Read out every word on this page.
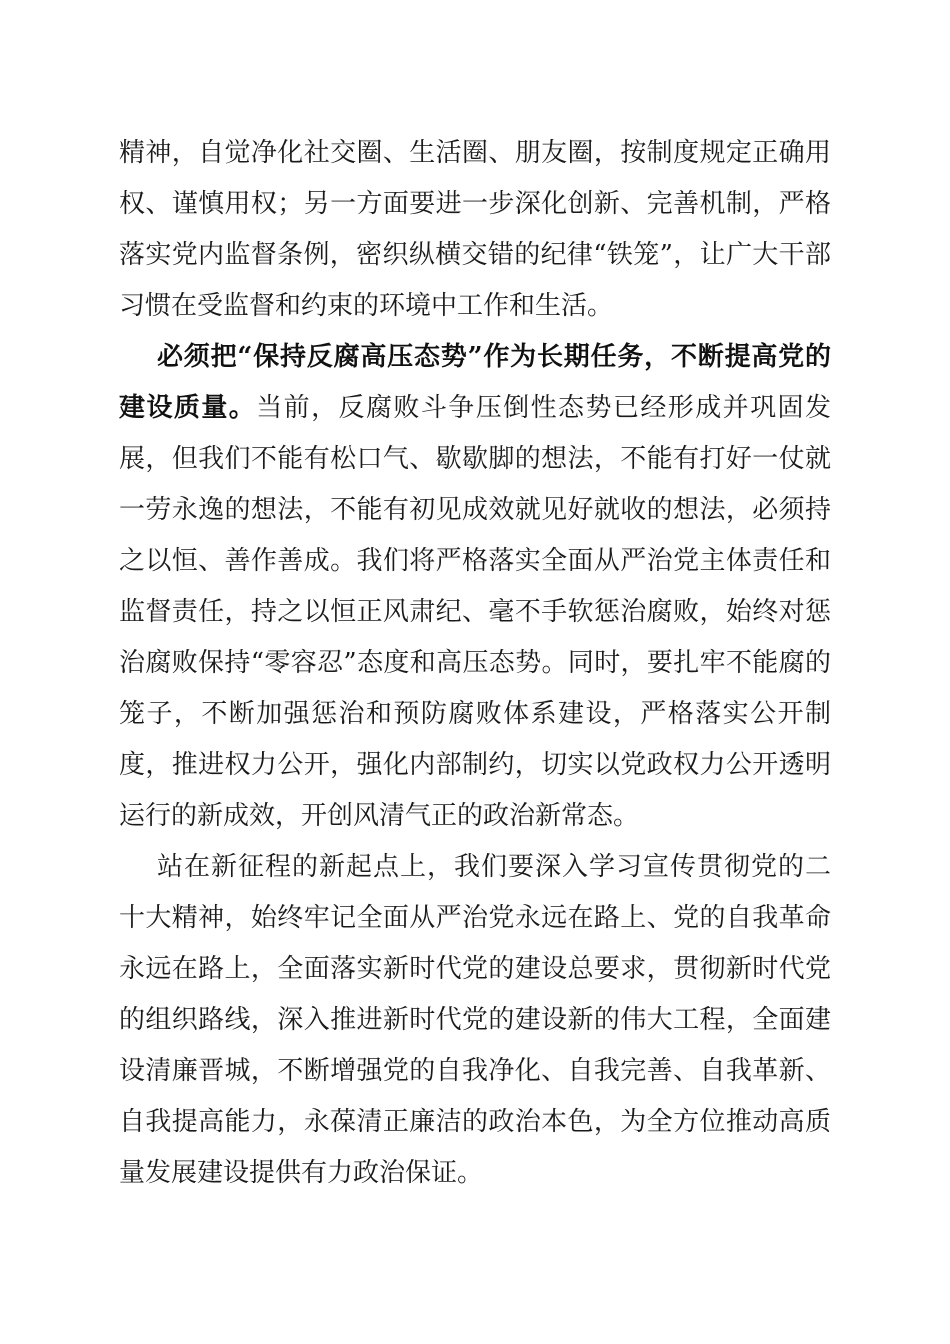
精神，自觉净化社交圈、生活圈、朋友圈，按制度规定正确用权、谨慎用权；另一方面要进一步深化创新、完善机制，严格落实党内监督条例，密织纵横交错的纪律“铁笼”，让广大干部习惯在受监督和约束的环境中工作和生活。

必须把“保持反腐高压态势”作为长期任务，不断提高党的建设质量。当前，反腐败斗争压倒性态势已经形成并巩固发展，但我们不能有松口气、歇歇脚的想法，不能有打好一仗就一劳永逸的想法，不能有初见成效就见好就收的想法，必须持之以恒、善作善成。我们将严格落实全面从严治党主体责任和监督责任，持之以恒正风肃纪、毫不手软惩治腐败，始终对惩治腐败保持“零容忍”态度和高压态势。同时，要扎牢不能腐的笼子，不断加强惩治和预防腐败体系建设，严格落实公开制度，推进权力公开，强化内部制约，切实以党政权力公开透明运行的新成效，开创风清气正的政治新常态。

站在新征程的新起点上，我们要深入学习宣传贯彻党的二十大精神，始终牢记全面从严治党永远在路上、党的自我革命永远在路上，全面落实新时代党的建设总要求，贯彻新时代党的组织路线，深入推进新时代党的建设新的伟大工程，全面建设清廉晋城，不断增强党的自我净化、自我完善、自我革新、自我提高能力，永葆清正廉洁的政治本色，为全方位推动高质量发展建设提供有力政治保证。
